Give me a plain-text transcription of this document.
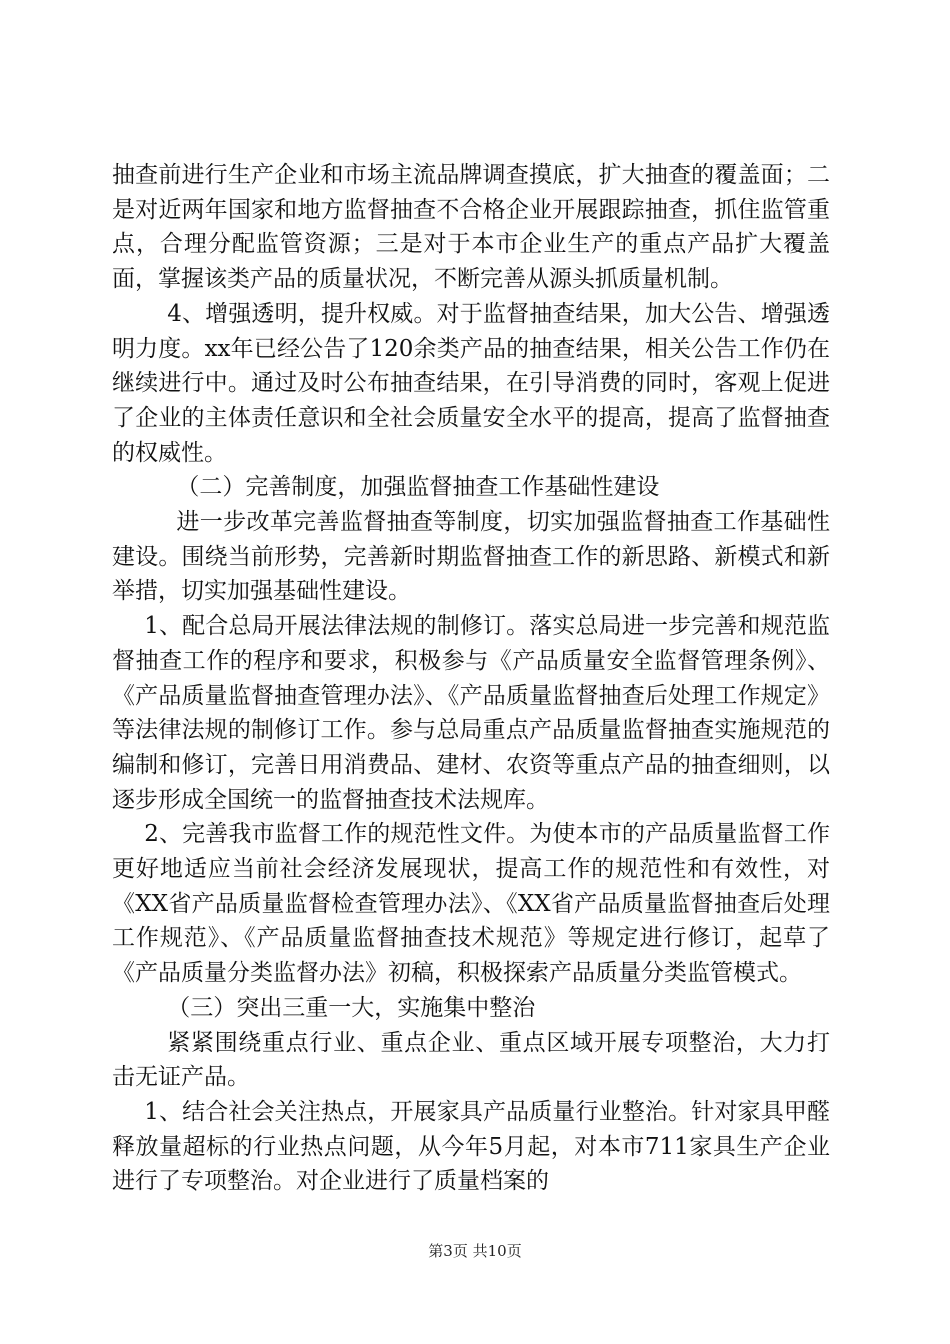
抽查前进行生产企业和市场主流品牌调查摸底，扩大抽查的覆盖面；二是对近两年国家和地方监督抽查不合格企业开展跟踪抽查，抓住监管重点，合理分配监管资源；三是对于本市企业生产的重点产品扩大覆盖面，掌握该类产品的质量状况，不断完善从源头抓质量机制。

4、增强透明，提升权威。对于监督抽查结果，加大公告、增强透明力度。xx年已经公告了120余类产品的抽查结果，相关公告工作仍在继续进行中。通过及时公布抽查结果，在引导消费的同时，客观上促进了企业的主体责任意识和全社会质量安全水平的提高，提高了监督抽查的权威性。

（二）完善制度，加强监督抽查工作基础性建设

进一步改革完善监督抽查等制度，切实加强监督抽查工作基础性建设。围绕当前形势，完善新时期监督抽查工作的新思路、新模式和新举措，切实加强基础性建设。

1、配合总局开展法律法规的制修订。落实总局进一步完善和规范监督抽查工作的程序和要求，积极参与《产品质量安全监督管理条例》、《产品质量监督抽查管理办法》、《产品质量监督抽查后处理工作规定》等法律法规的制修订工作。参与总局重点产品质量监督抽查实施规范的编制和修订，完善日用消费品、建材、农资等重点产品的抽查细则，以逐步形成全国统一的监督抽查技术法规库。

2、完善我市监督工作的规范性文件。为使本市的产品质量监督工作更好地适应当前社会经济发展现状，提高工作的规范性和有效性，对《XX省产品质量监督检查管理办法》、《XX省产品质量监督抽查后处理工作规范》、《产品质量监督抽查技术规范》等规定进行修订，起草了《产品质量分类监督办法》初稿，积极探索产品质量分类监管模式。

（三）突出三重一大，实施集中整治

紧紧围绕重点行业、重点企业、重点区域开展专项整治，大力打击无证产品。

1、结合社会关注热点，开展家具产品质量行业整治。针对家具甲醛释放量超标的行业热点问题，从今年5月起，对本市711家具生产企业进行了专项整治。对企业进行了质量档案的

第3页 共10页
